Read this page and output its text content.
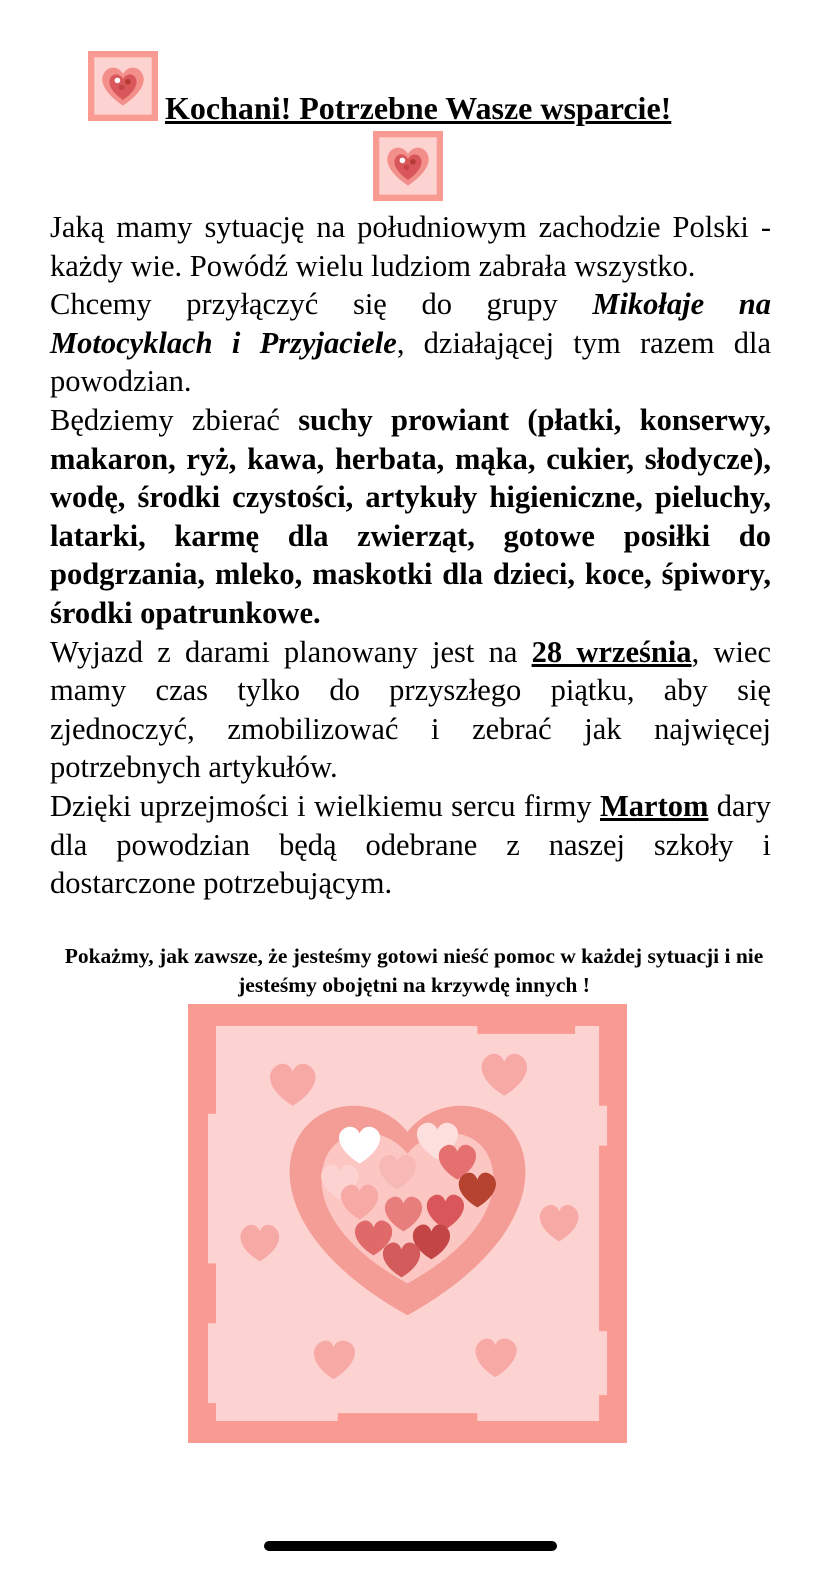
Kochani! Potrzebne Wasze wsparcie!

Jaką mamy sytuację na południowym zachodzie Polski - każdy wie. Powódź wielu ludziom zabrała wszystko.

Chcemy przyłączyć się do grupy Mikołaje na Motocyklach i Przyjaciele, działającej tym razem dla powodzian.

Będziemy zbierać suchy prowiant (płatki, konserwy, makaron, ryż, kawa, herbata, mąka, cukier, słodycze), wodę, środki czystości, artykuły higieniczne, pieluchy, latarki, karmę dla zwierząt, gotowe posiłki do podgrzania, mleko, maskotki dla dzieci, koce, śpiwory, środki opatrunkowe.

Wyjazd z darami planowany jest na 28 września, wiec mamy czas tylko do przyszłego piątku, aby się zjednoczyć, zmobilizować i zebrać jak najwięcej potrzebnych artykułów.

Dzięki uprzejmości i wielkiemu sercu firmy Martom dary dla powodzian będą odebrane z naszej szkoły i dostarczone potrzebującym.

Pokażmy, jak zawsze, że jesteśmy gotowi nieść pomoc w każdej sytuacji i nie jesteśmy obojętni na krzywdę innych !
